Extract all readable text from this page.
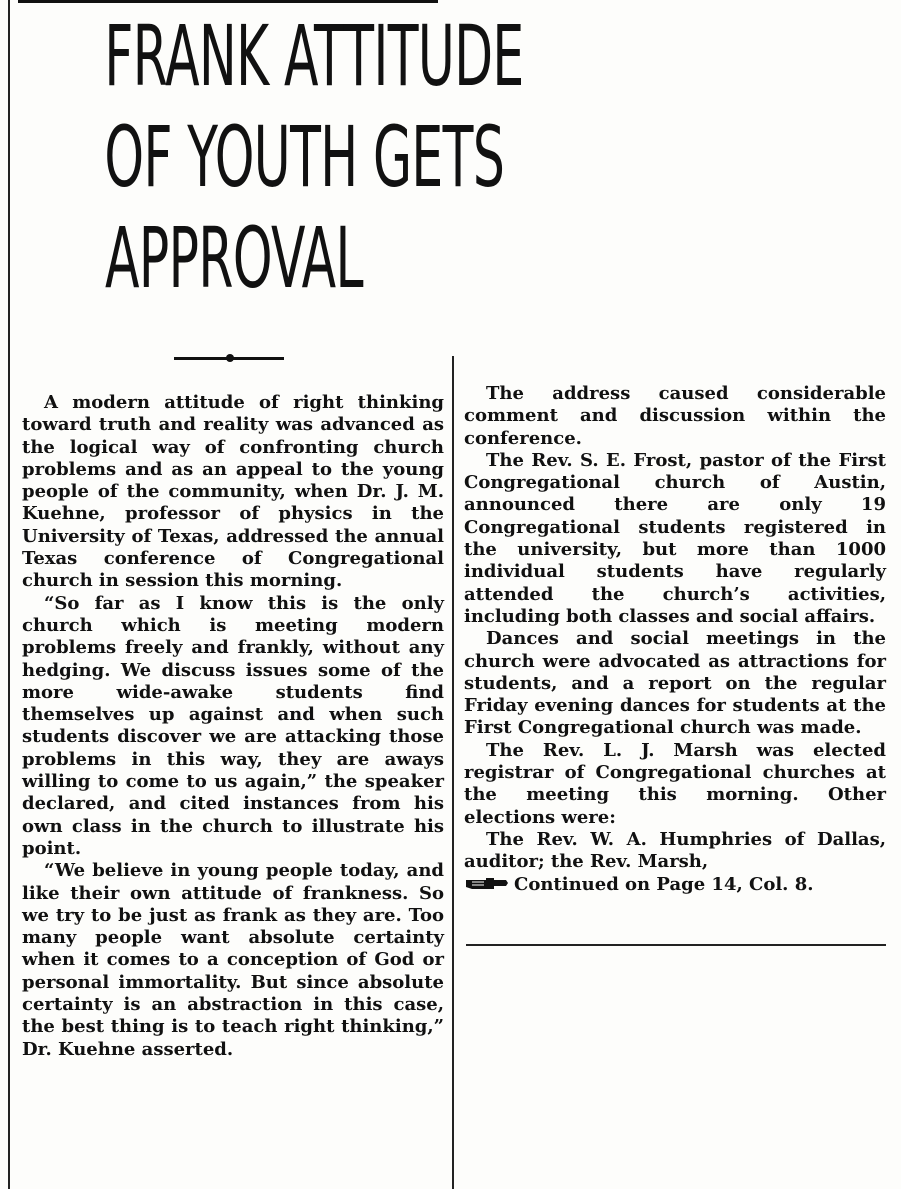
FRANK ATTITUDE
OF YOUTH GETS
APPROVAL

A modern attitude of right thinking toward truth and reality was advanced as the logical way of confronting church problems and as an appeal to the young people of the community, when Dr. J. M. Kuehne, professor of physics in the University of Texas, addressed the annual Texas conference of Congregational church in session this morning.

“So far as I know this is the only church which is meeting modern problems freely and frankly, without any hedging. We discuss issues some of the more wide-awake students find themselves up against and when such students discover we are attacking those problems in this way, they are aways willing to come to us again,” the speaker declared, and cited instances from his own class in the church to illustrate his point.

“We believe in young people today, and like their own attitude of frankness. So we try to be just as frank as they are. Too many people want absolute certainty when it comes to a conception of God or personal immortality. But since absolute certainty is an abstraction in this case, the best thing is to teach right thinking,” Dr. Kuehne asserted.

The address caused considerable comment and discussion within the conference.

The Rev. S. E. Frost, pastor of the First Congregational church of Austin, announced there are only 19 Congregational students registered in the university, but more than 1000 individual students have regularly attended the church’s activities, including both classes and social affairs.

Dances and social meetings in the church were advocated as attractions for students, and a report on the regular Friday evening dances for students at the First Congregational church was made.

The Rev. L. J. Marsh was elected registrar of Congregational churches at the meeting this morning. Other elections were:

The Rev. W. A. Humphries of Dallas, auditor; the Rev. Marsh,

Continued on Page 14, Col. 8.
